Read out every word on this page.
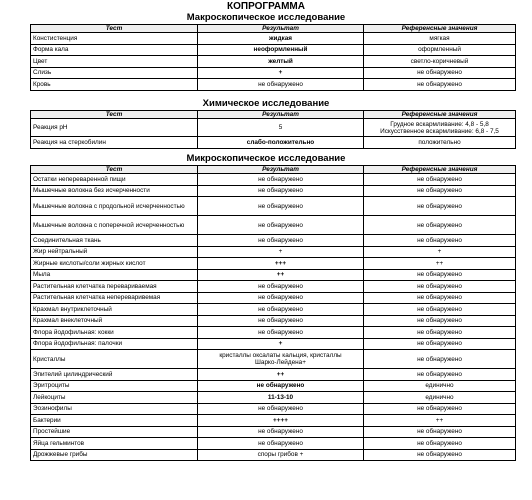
КОПРОГРАММА
Макроскопическое исследование
Тест	Результат	Референсные значения
Констистенция	жидкая	мягкая
Форма кала	неоформленный	оформленный
Цвет	желтый	светло-коричневый
Слизь	+	не обнаружено
Кровь	не обнаружено	не обнаружено
Химическое исследование
Тест	Результат	Референсные значения
Реакция pH	5	Грудное вскармливание: 4,8 - 5,8
Искусственное вскармливание: 6,8 - 7,5
Реакция на стеркобилин	слабо-положительно	положительно
Микроскопическое исследование
Тест	Результат	Референсные значения
Остатки непереваренной пищи	не обнаружено	не обнаружено
Мышечные волокна без исчерченности	не обнаружено	не обнаружено
Мышечные волокна с продольной исчерченностью	не обнаружено	не обнаружено
Мышечные волокна с поперечной исчерченностью	не обнаружено	не обнаружено
Соединительная ткань	не обнаружено	не обнаружено
Жир нейтральный	+	+
Жирные кислоты/соли жирных кислот	+++	++
Мыла	++	не обнаружено
Растительная клетчатка перевариваемая	не обнаружено	не обнаружено
Растительная клетчатка непереваривемая	не обнаружено	не обнаружено
Крахмал внутриклеточный	не обнаружено	не обнаружено
Крахмал внеклеточный	не обнаружено	не обнаружено
Флора йодофильная: кокки	не обнаружено	не обнаружено
Флора йодофильная: палочки	+	не обнаружено
Кристаллы	кристаллы оксалаты кальция, кристаллы
Шарко-Лейдена+	не обнаружено
Эпителий цилиндрический	++	не обнаружено
Эритроциты	не обнаружено	единично
Лейкоциты	11-13-10	единично
Эозинофилы	не обнаружено	не обнаружено
Бактерии	++++	++
Простейшие	не обнаружено	не обнаружено
Яйца гельминтов	не обнаружено	не обнаружено
Дрожжевые грибы	споры грибов +	не обнаружено
